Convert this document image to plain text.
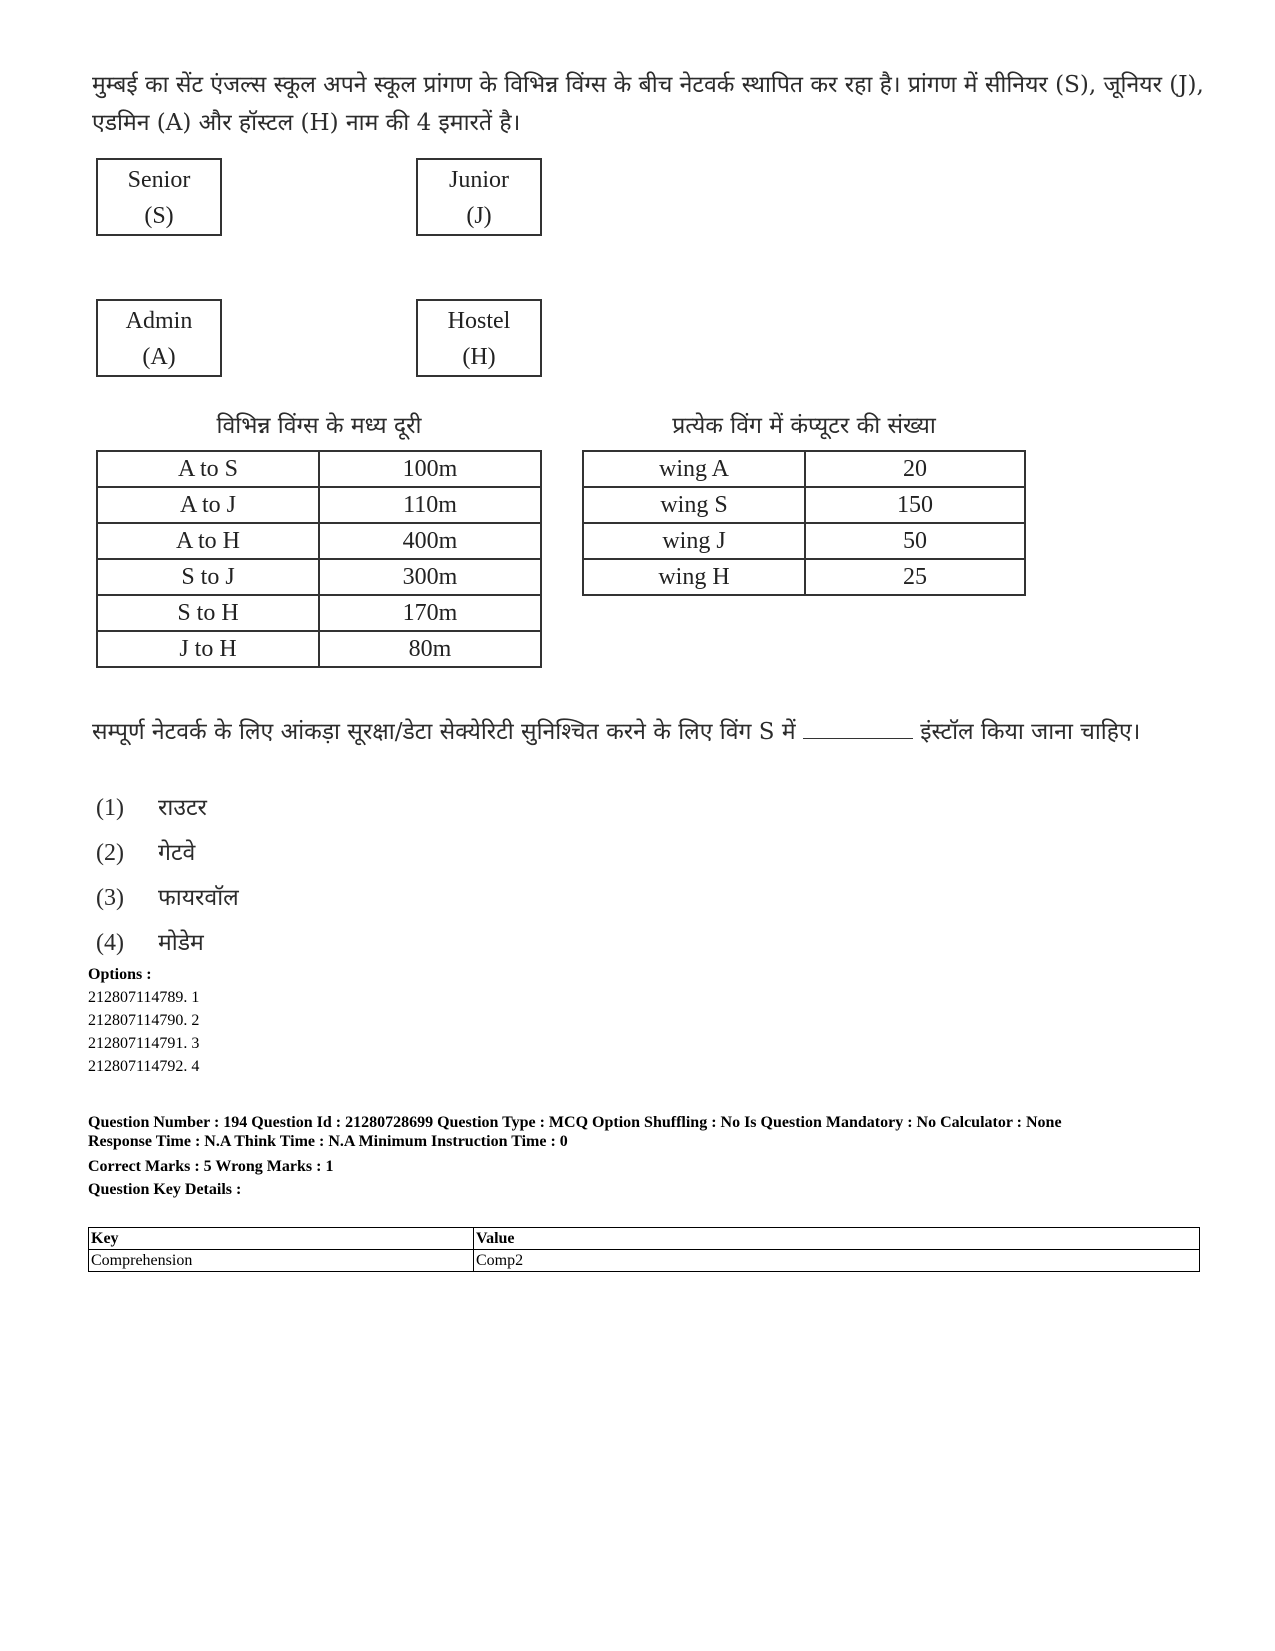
मुम्बई का सेंट एंजल्स स्कूल अपने स्कूल प्रांगण के विभिन्न विंग्स के बीच नेटवर्क स्थापित कर रहा है। प्रांगण में सीनियर (S), जूनियर (J), एडमिन (A) और हॉस्टल (H) नाम की 4 इमारतें है।
Senior
(S)
Junior
(J)
Admin
(A)
Hostel
(H)
विभिन्न विंग्स के मध्य दूरी	प्रत्येक विंग में कंप्यूटर की संख्या
A to S	100m
A to J	110m
A to H	400m
S to J	300m
S to H	170m
J to H	80m
wing A	20
wing S	150
wing J	50
wing H	25
सम्पूर्ण नेटवर्क के लिए आंकड़ा सूरक्षा/डेटा सेक्येरिटी सुनिश्चित करने के लिए विंग S में	इंस्टॉल किया जाना चाहिए।
(1) राउटर
(2) गेटवे
(3) फायरवॉल
(4) मोडेम
Options :
212807114789. 1
212807114790. 2
212807114791. 3
212807114792. 4
Question Number : 194 Question Id : 21280728699 Question Type : MCQ Option Shuffling : No Is Question Mandatory : No Calculator : None
Response Time : N.A Think Time : N.A Minimum Instruction Time : 0
Correct Marks : 5 Wrong Marks : 1
Question Key Details :
Key	Value
Comprehension	Comp2
